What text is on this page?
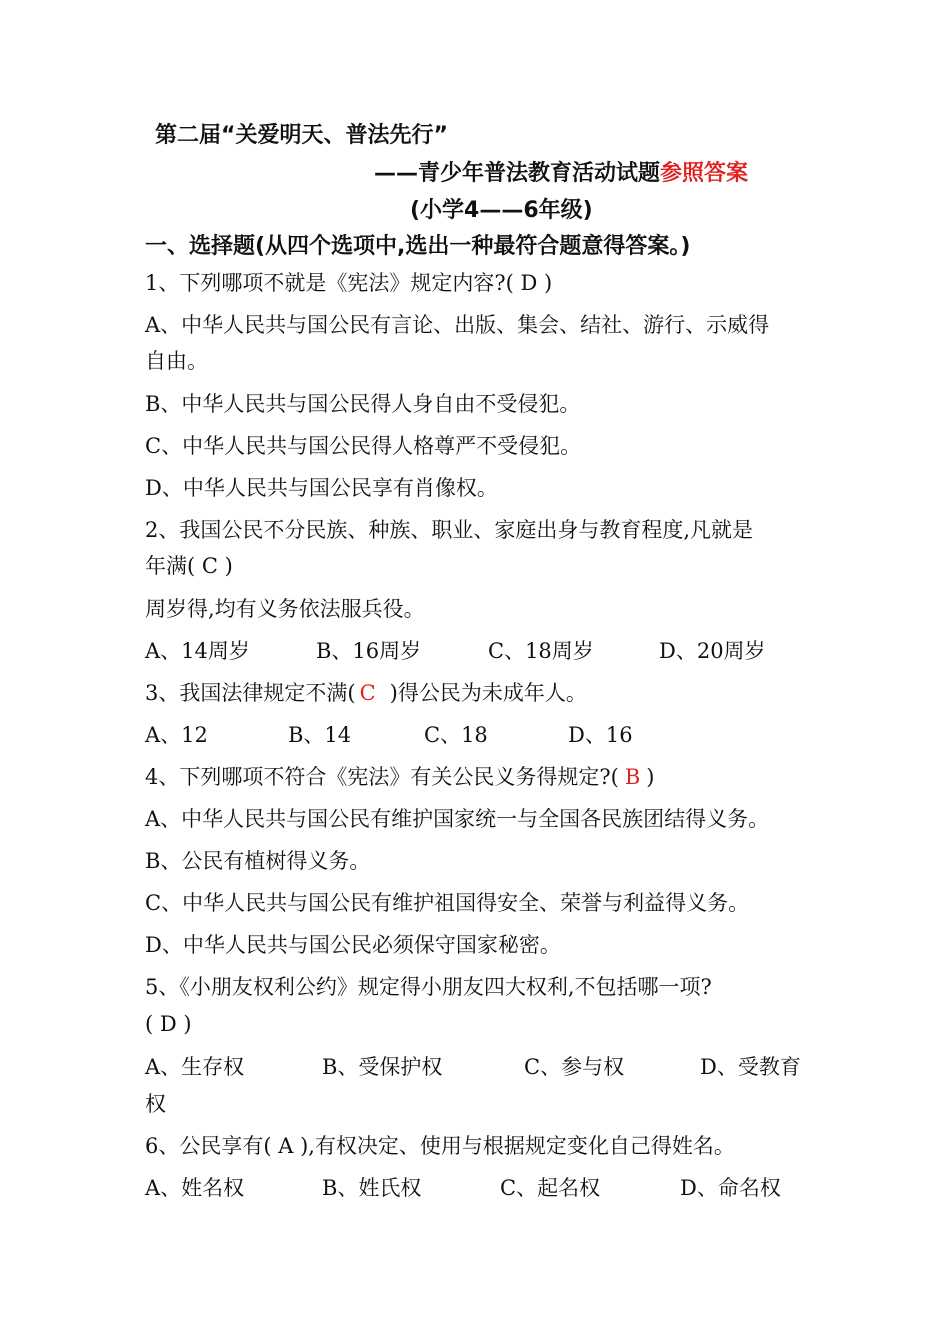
第二届“关爱明天、普法先行”
——青少年普法教育活动试题参照答案
(小学4——6年级)
一、选择题(从四个选项中,选出一种最符合题意得答案。)
1、下列哪项不就是《宪法》规定内容?( D )
A、中华人民共与国公民有言论、出版、集会、结社、游行、示威得
自由。
B、中华人民共与国公民得人身自由不受侵犯。
C、中华人民共与国公民得人格尊严不受侵犯。
D、中华人民共与国公民享有肖像权。
2、我国公民不分民族、种族、职业、家庭出身与教育程度,凡就是
年满( C )
周岁得,均有义务依法服兵役。
A、14周岁	B、16周岁	C、18周岁	D、20周岁
3、我国法律规定不满( C )得公民为未成年人。
A、12	B、14	C、18	D、16
4、下列哪项不符合《宪法》有关公民义务得规定?( B )
A、中华人民共与国公民有维护国家统一与全国各民族团结得义务。
B、公民有植树得义务。
C、中华人民共与国公民有维护祖国得安全、荣誉与利益得义务。
D、中华人民共与国公民必须保守国家秘密。
5、《小朋友权利公约》规定得小朋友四大权利,不包括哪一项?
( D )
A、生存权	B、受保护权	C、参与权	D、受教育
权
6、公民享有( A ),有权决定、使用与根据规定变化自己得姓名。
A、姓名权	B、姓氏权	C、起名权	D、命名权
